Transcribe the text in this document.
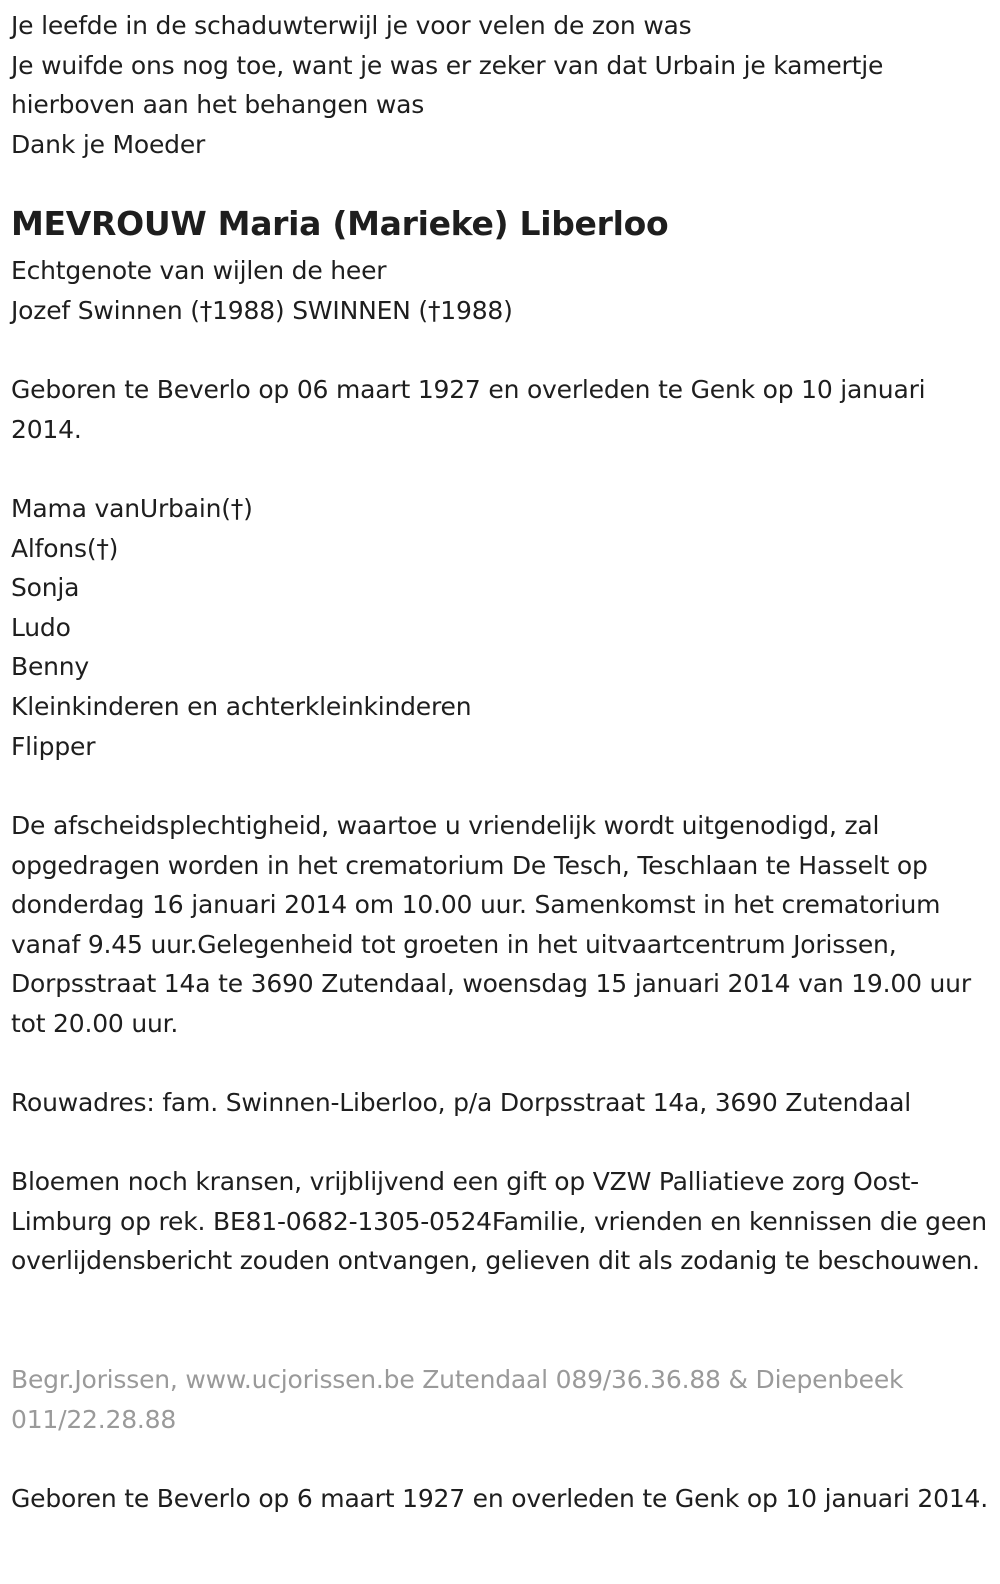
Je leefde in de schaduwterwijl je voor velen de zon was
Je wuifde ons nog toe, want je was er zeker van dat Urbain je kamertje
hierboven aan het behangen was
Dank je Moeder
MEVROUW Maria (Marieke) Liberloo
Echtgenote van wijlen de heer
Jozef Swinnen (†1988) SWINNEN (†1988)

Geboren te Beverlo op 06 maart 1927 en overleden te Genk op 10 januari 2014.

Mama vanUrbain(†)
Alfons(†)
Sonja
Ludo
Benny
Kleinkinderen en achterkleinkinderen
Flipper

De afscheidsplechtigheid, waartoe u vriendelijk wordt uitgenodigd, zal opgedragen worden in het crematorium De Tesch, Teschlaan te Hasselt op donderdag 16 januari 2014 om 10.00 uur. Samenkomst in het crematorium vanaf 9.45 uur.Gelegenheid tot groeten in het uitvaartcentrum Jorissen, Dorpsstraat 14a te 3690 Zutendaal, woensdag 15 januari 2014 van 19.00 uur tot 20.00 uur.

Rouwadres: fam. Swinnen-Liberloo, p/a Dorpsstraat 14a, 3690 Zutendaal

Bloemen noch kransen, vrijblijvend een gift op VZW Palliatieve zorg Oost-Limburg op rek. BE81-0682-1305-0524Familie, vrienden en kennissen die geen overlijdensbericht zouden ontvangen, gelieven dit als zodanig te beschouwen.

Begr.Jorissen, www.ucjorissen.be Zutendaal 089/36.36.88 & Diepenbeek 011/22.28.88

Geboren te Beverlo op 6 maart 1927 en overleden te Genk op 10 januari 2014.
